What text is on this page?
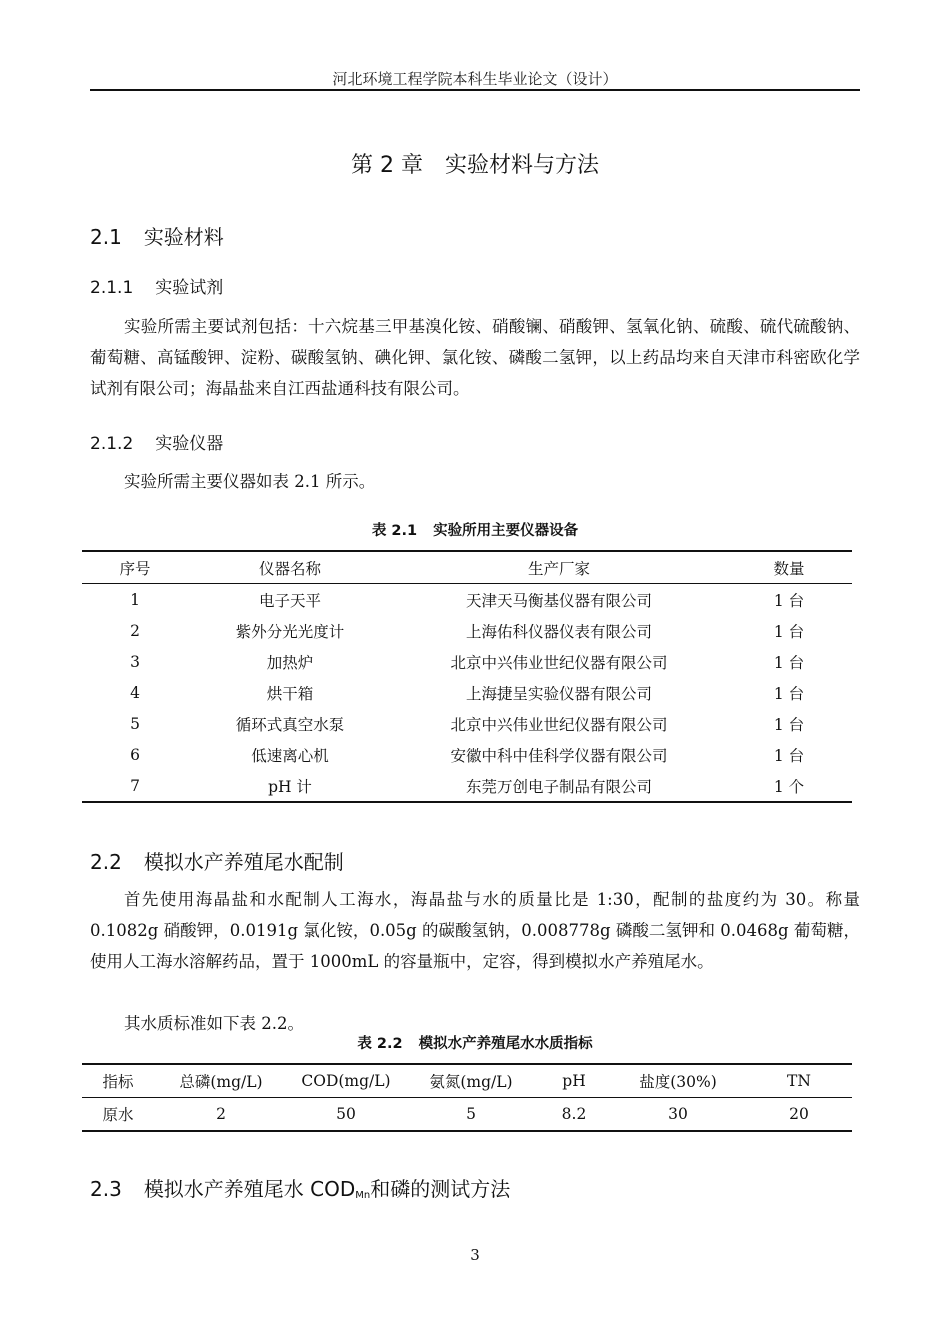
河北环境工程学院本科生毕业论文（设计）
第 2 章　实验材料与方法
2.1 实验材料
2.1.1 实验试剂
实验所需主要试剂包括：十六烷基三甲基溴化铵、硝酸镧、硝酸钾、氢氧化钠、硫酸、硫代硫酸钠、葡萄糖、高锰酸钾、淀粉、碳酸氢钠、碘化钾、氯化铵、磷酸二氢钾，以上药品均来自天津市科密欧化学试剂有限公司；海晶盐来自江西盐通科技有限公司。
2.1.2 实验仪器
实验所需主要仪器如表 2.1 所示。
表 2.1 实验所用主要仪器设备
序号	仪器名称	生产厂家	数量
1	电子天平	天津天马衡基仪器有限公司	1 台
2	紫外分光光度计	上海佑科仪器仪表有限公司	1 台
3	加热炉	北京中兴伟业世纪仪器有限公司	1 台
4	烘干箱	上海捷呈实验仪器有限公司	1 台
5	循环式真空水泵	北京中兴伟业世纪仪器有限公司	1 台
6	低速离心机	安徽中科中佳科学仪器有限公司	1 台
7	pH 计	东莞万创电子制品有限公司	1 个
2.2 模拟水产养殖尾水配制
首先使用海晶盐和水配制人工海水，海晶盐与水的质量比是 1:30，配制的盐度约为 30。称量 0.1082g 硝酸钾，0.0191g 氯化铵，0.05g 的碳酸氢钠，0.008778g 磷酸二氢钾和 0.0468g 葡萄糖，使用人工海水溶解药品，置于 1000mL 的容量瓶中，定容，得到模拟水产养殖尾水。
其水质标准如下表 2.2。
表 2.2 模拟水产养殖尾水水质指标
指标	总磷(mg/L)	COD(mg/L)	氨氮(mg/L)	pH	盐度(30%)	TN
原水	2	50	5	8.2	30	20
2.3 模拟水产养殖尾水 $COD_{Mn}$和磷的测试方法
3
